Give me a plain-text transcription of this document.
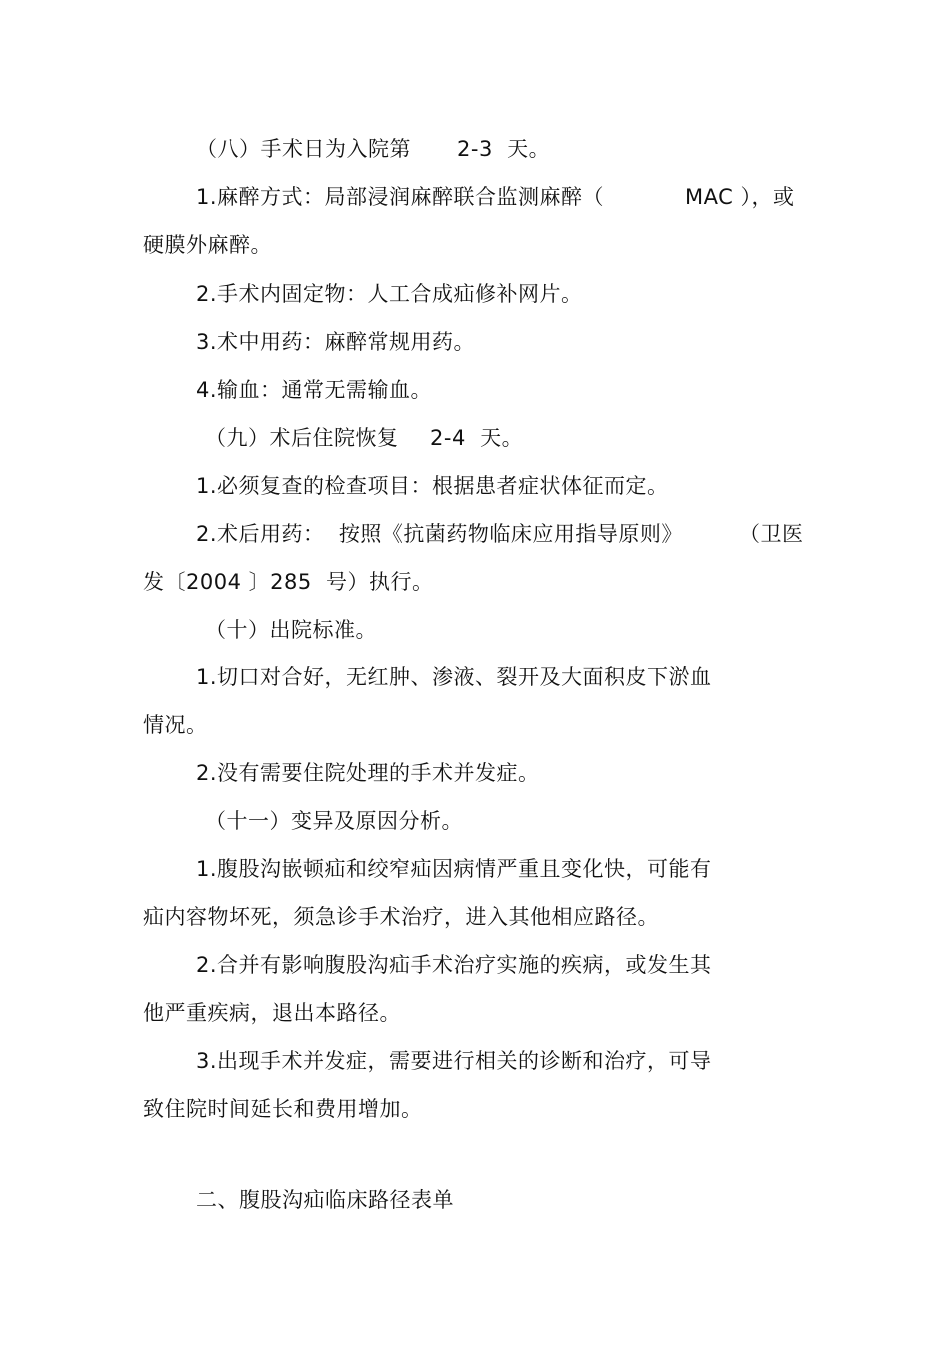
（八）手术日为入院第 2-3  天。
1.麻醉方式：局部浸润麻醉联合监测麻醉（	MAC ），或
硬膜外麻醉。
2.手术内固定物：人工合成疝修补网片。
3.术中用药：麻醉常规用药。
4.输血：通常无需输血。
（九）术后住院恢复 2-4  天。
1.必须复查的检查项目：根据患者症状体征而定。
2.术后用药：  按照《抗菌药物临床应用指导原则》	（卫医
发〔2004 〕285  号）执行。
（十）出院标准。
1.切口对合好，无红肿、渗液、裂开及大面积皮下淤血
情况。
2.没有需要住院处理的手术并发症。
（十一）变异及原因分析。
1.腹股沟嵌顿疝和绞窄疝因病情严重且变化快，可能有
疝内容物坏死，须急诊手术治疗，进入其他相应路径。
2.合并有影响腹股沟疝手术治疗实施的疾病，或发生其
他严重疾病，退出本路径。
3.出现手术并发症，需要进行相关的诊断和治疗，可导
致住院时间延长和费用增加。
二、腹股沟疝临床路径表单
